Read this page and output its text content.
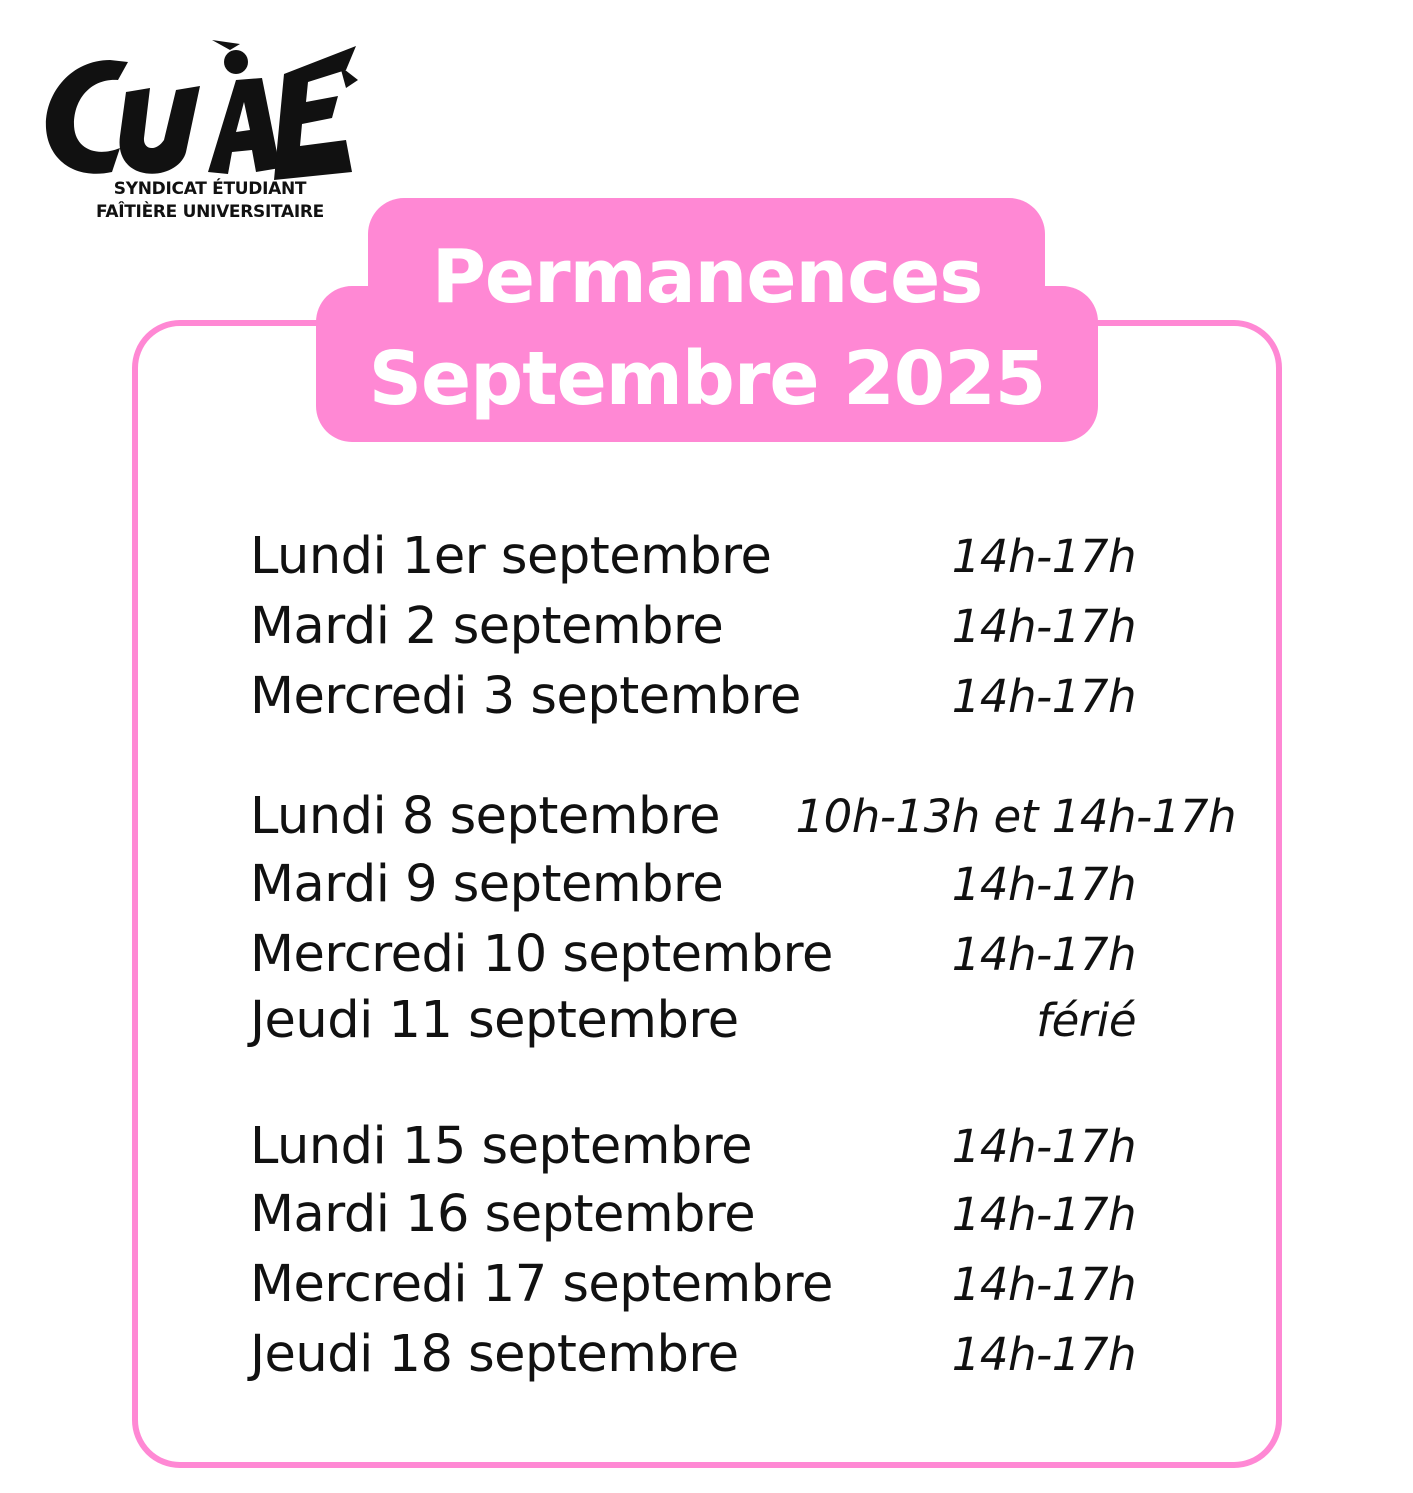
SYNDICAT ÉTUDIANT
FAÎTIÈRE UNIVERSITAIRE
Permanences
Septembre 2025
Lundi 1er septembre	14h-17h
Mardi 2 septembre	14h-17h
Mercredi 3 septembre	14h-17h
Lundi 8 septembre 10h-13h et 14h-17h
Mardi 9 septembre	14h-17h
Mercredi 10 septembre	14h-17h
Jeudi 11 septembre	férié
Lundi 15 septembre	14h-17h
Mardi 16 septembre	14h-17h
Mercredi 17 septembre	14h-17h
Jeudi 18 septembre	14h-17h
